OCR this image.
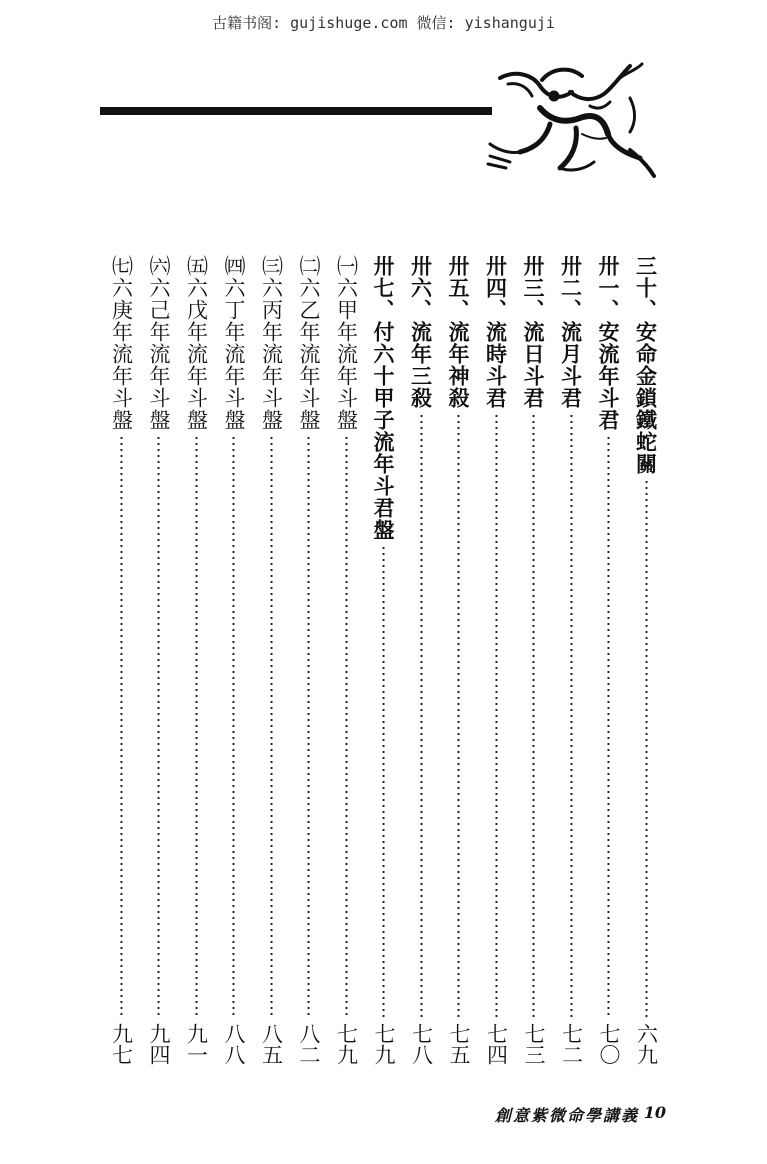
古籍书阁: gujishuge.com 微信: yishanguji
三十、安命金鎖鐵蛇關
六九
卅一、安流年斗君
七〇
卅二、流月斗君
七二
卅三、流日斗君
七三
卅四、流時斗君
七四
卅五、流年神殺
七五
卅六、流年三殺
七八
卅七、付六十甲子流年斗君盤
七九
㈠六甲年流年斗盤
七九
㈡六乙年流年斗盤
八二
㈢六丙年流年斗盤
八五
㈣六丁年流年斗盤
八八
㈤六戊年流年斗盤
九一
㈥六己年流年斗盤
九四
㈦六庚年流年斗盤
九七
創意紫微命學講義 10
